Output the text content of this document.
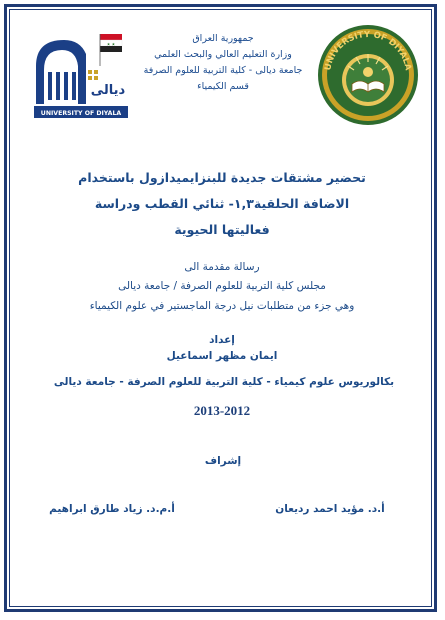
UNIVERSITY OF DIYALA
★ ★
ديالى
UNIVERSITY OF DIYALA
جمهورية العراق
وزارة التعليم العالي والبحث العلمي
جامعة ديالى - كلية التربية للعلوم الصرفة
قسم الكيمياء
تحضير مشتقات جديدة للبنزايميدازول باستخدام
الاضافة الحلقية١,٣- ثنائي القطب ودراسة
فعاليتها الحيوية
رسالة مقدمة الى
مجلس كلية التربية للعلوم الصرفة / جامعة ديالى
وهي جزء من متطلبات نيل درجة الماجستير في علوم الكيمياء
إعداد
ايمان مظهر اسماعيل
بكالوريوس علوم كيمياء - كلية التربية للعلوم الصرفة - جامعة ديالى
2013-2012
إشراف
أ.د. مؤيد احمد رديعان
أ.م.د. زياد طارق ابراهيم
